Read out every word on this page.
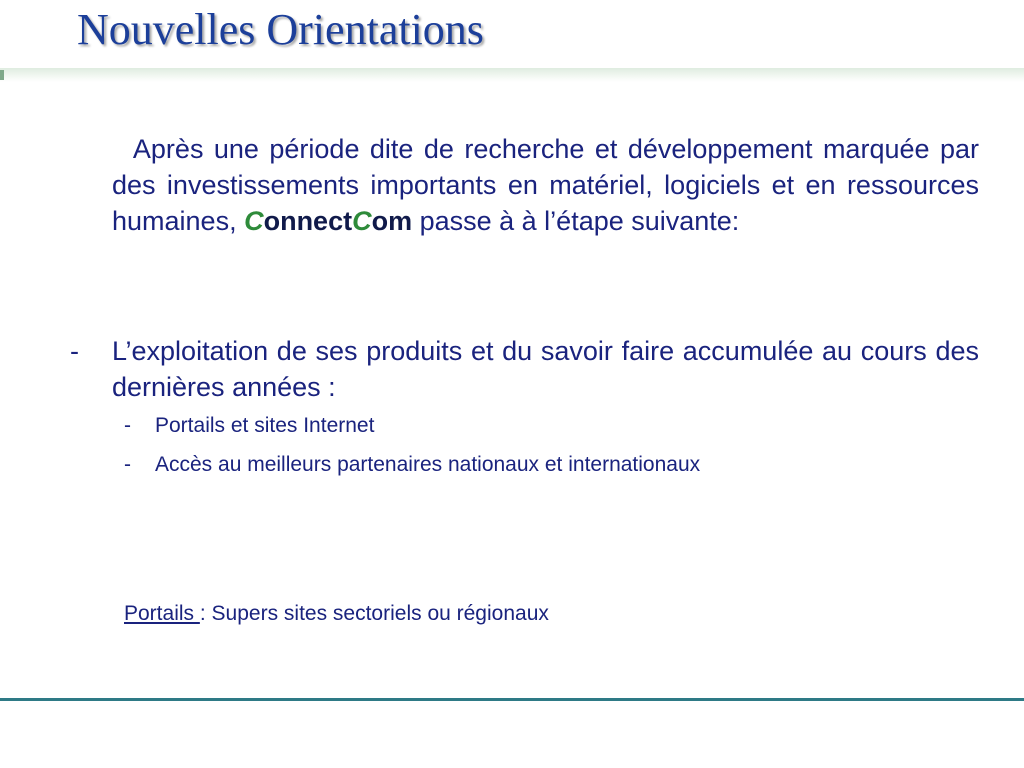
Nouvelles Orientations
Après une période dite de recherche et développement marquée par des investissements importants en matériel, logiciels et en ressources humaines, ConnectCom passe à à l’étape suivante:
- L’exploitation de ses produits et du savoir faire accumulée au cours des dernières années :
- Portails et sites Internet
- Accès au meilleurs partenaires nationaux et internationaux
Portails : Supers sites sectoriels ou régionaux
